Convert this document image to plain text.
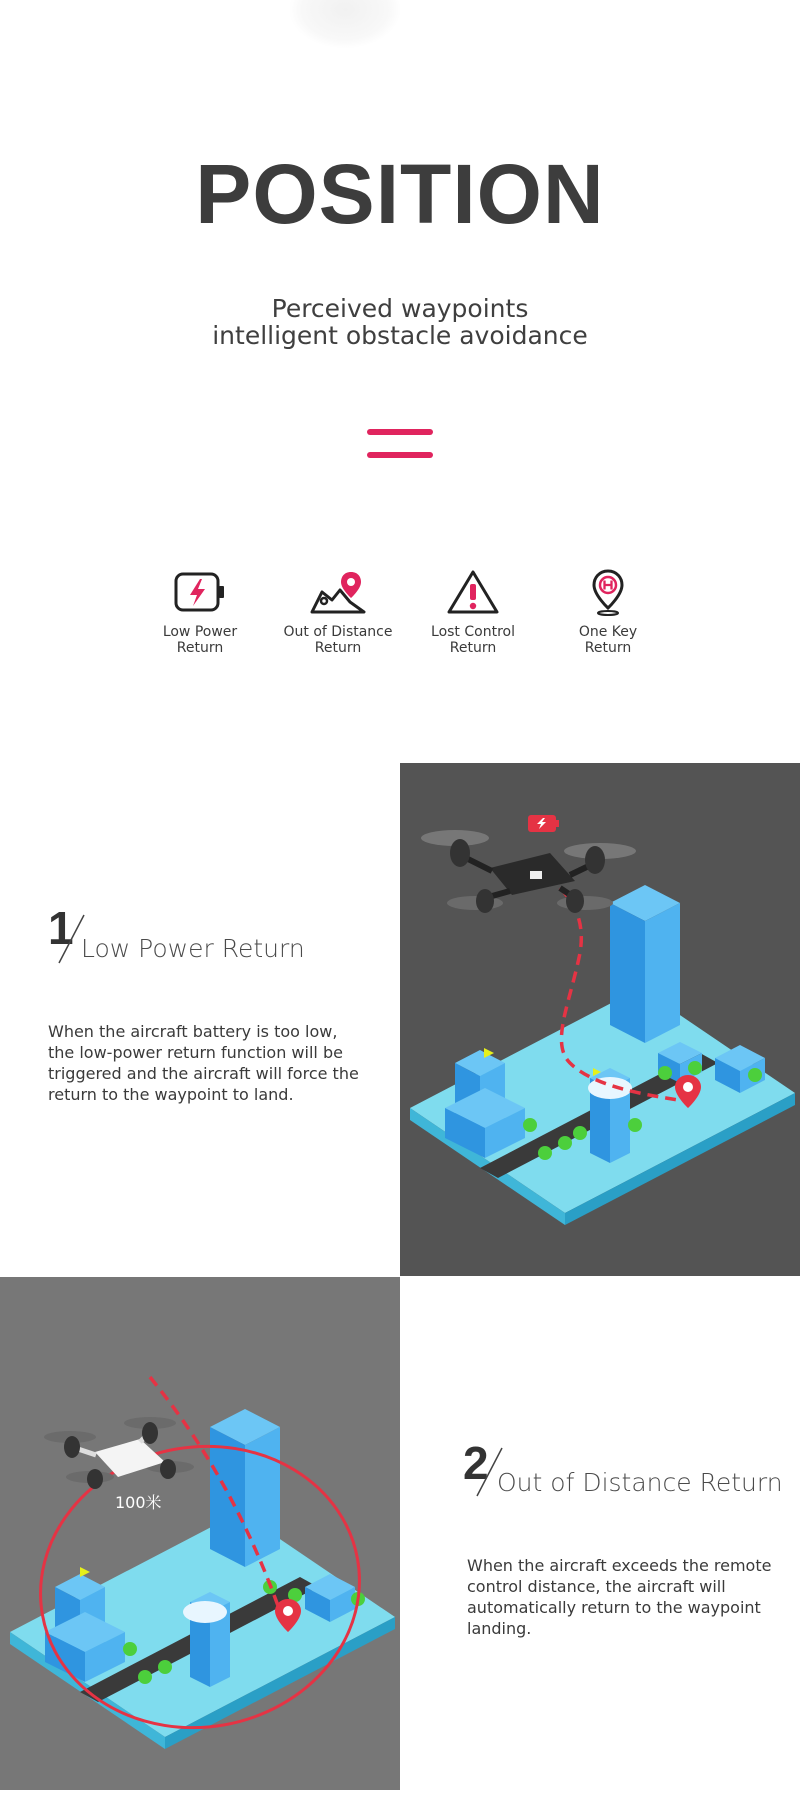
POSITION
Perceived waypoints
intelligent obstacle avoidance
Low Power
Return
Out of Distance
Return
Lost Control
Return
One Key
Return
1 Low Power Return
When the aircraft battery is too low, the low-power return function will be triggered and the aircraft will force the return to the waypoint to land.
100米
2 Out of Distance Return
When the aircraft exceeds the remote control distance, the aircraft will automatically return to the waypoint landing.
